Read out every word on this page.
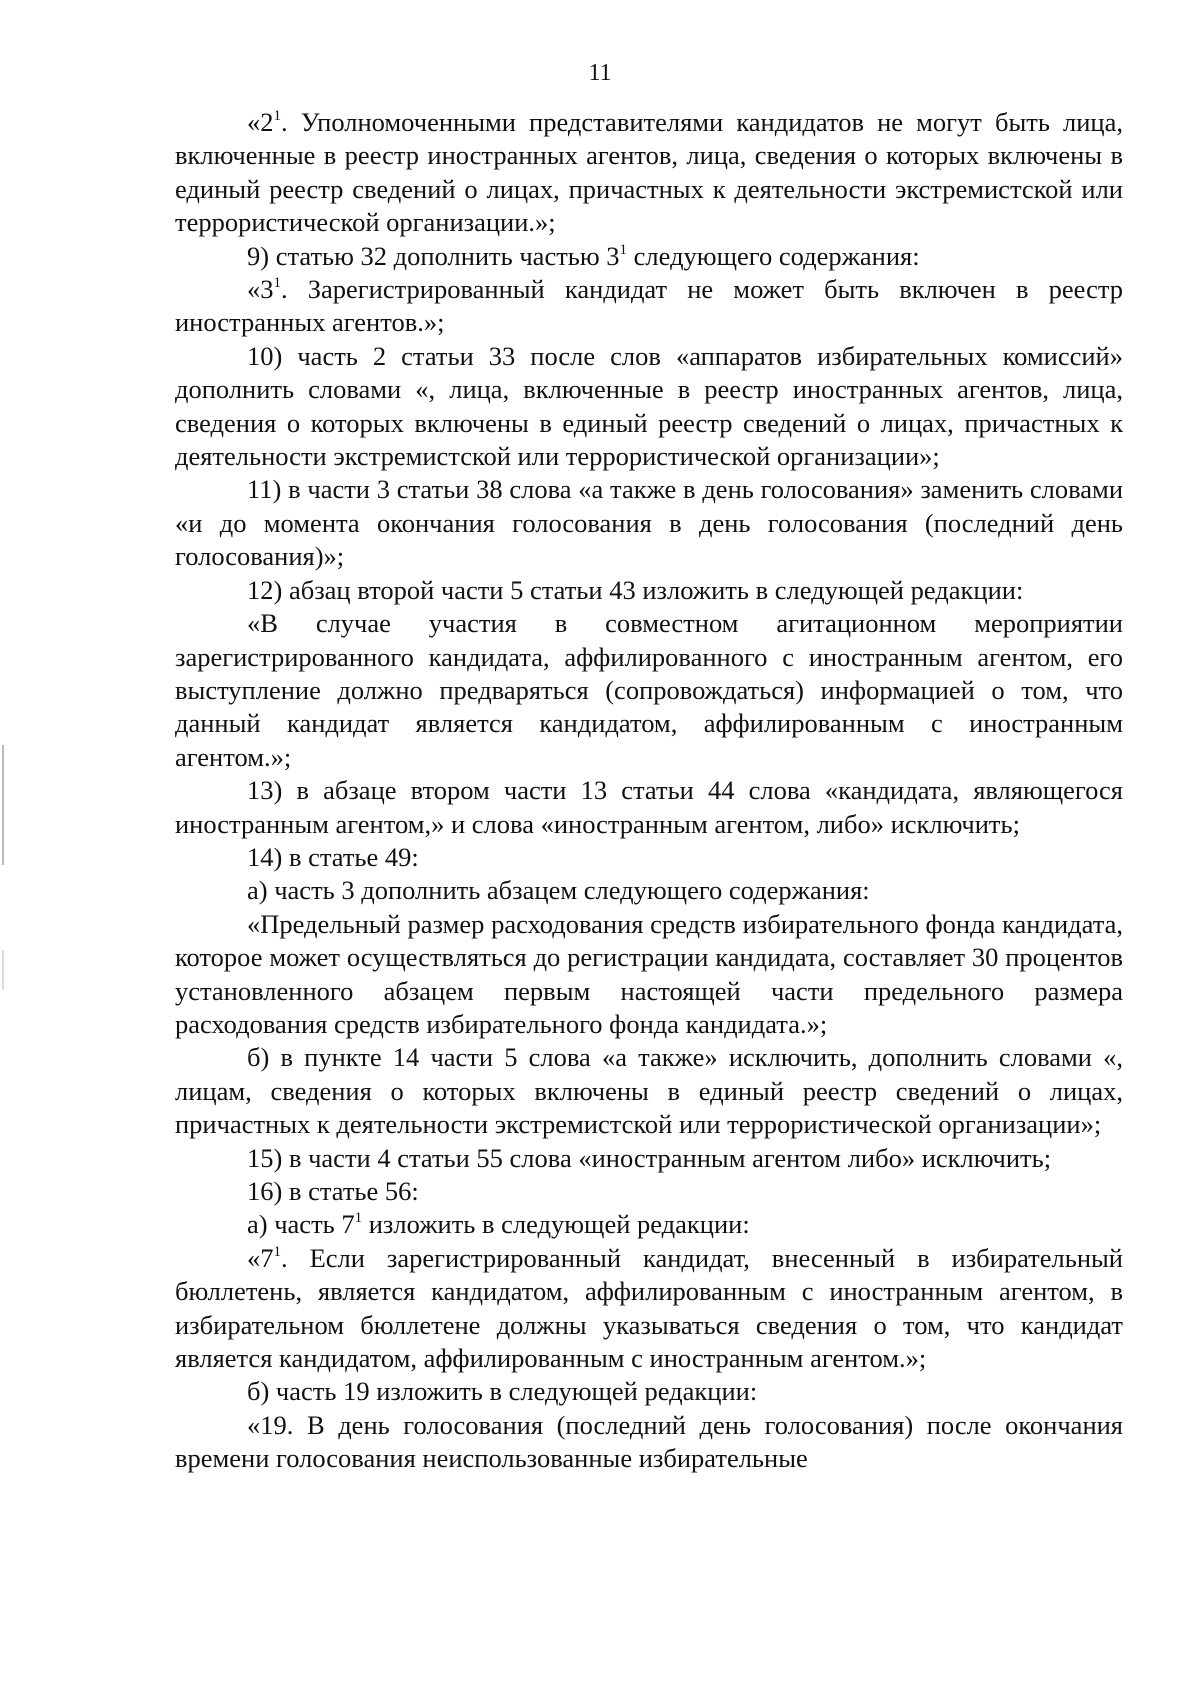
11

«$2^1$. Уполномоченными представителями кандидатов не могут быть лица, включенные в реестр иностранных агентов, лица, сведения о которых включены в единый реестр сведений о лицах, причастных к деятельности экстремистской или террористической организации.»;

9) статью 32 дополнить частью $3^1$ следующего содержания:

«$3^1$. Зарегистрированный кандидат не может быть включен в реестр иностранных агентов.»;

10) часть 2 статьи 33 после слов «аппаратов избирательных комиссий» дополнить словами «, лица, включенные в реестр иностранных агентов, лица, сведения о которых включены в единый реестр сведений о лицах, причастных к деятельности экстремистской или террористической организации»;

11) в части 3 статьи 38 слова «а также в день голосования» заменить словами «и до момента окончания голосования в день голосования (последний день голосования)»;

12) абзац второй части 5 статьи 43 изложить в следующей редакции:

«В случае участия в совместном агитационном мероприятии зарегистрированного кандидата, аффилированного с иностранным агентом, его выступление должно предваряться (сопровождаться) информацией о том, что данный кандидат является кандидатом, аффилированным с иностранным агентом.»;

13) в абзаце втором части 13 статьи 44 слова «кандидата, являющегося иностранным агентом,» и слова «иностранным агентом, либо» исключить;

14) в статье 49:

а) часть 3 дополнить абзацем следующего содержания:

«Предельный размер расходования средств избирательного фонда кандидата, которое может осуществляться до регистрации кандидата, составляет 30 процентов установленного абзацем первым настоящей части предельного размера расходования средств избирательного фонда кандидата.»;

б) в пункте 14 части 5 слова «а также» исключить, дополнить словами «, лицам, сведения о которых включены в единый реестр сведений о лицах, причастных к деятельности экстремистской или террористической организации»;

15) в части 4 статьи 55 слова «иностранным агентом либо» исключить;

16) в статье 56:

а) часть $7^1$ изложить в следующей редакции:

«$7^1$. Если зарегистрированный кандидат, внесенный в избирательный бюллетень, является кандидатом, аффилированным с иностранным агентом, в избирательном бюллетене должны указываться сведения о том, что кандидат является кандидатом, аффилированным с иностранным агентом.»;

б) часть 19 изложить в следующей редакции:

«19. В день голосования (последний день голосования) после окончания времени голосования неиспользованные избирательные
